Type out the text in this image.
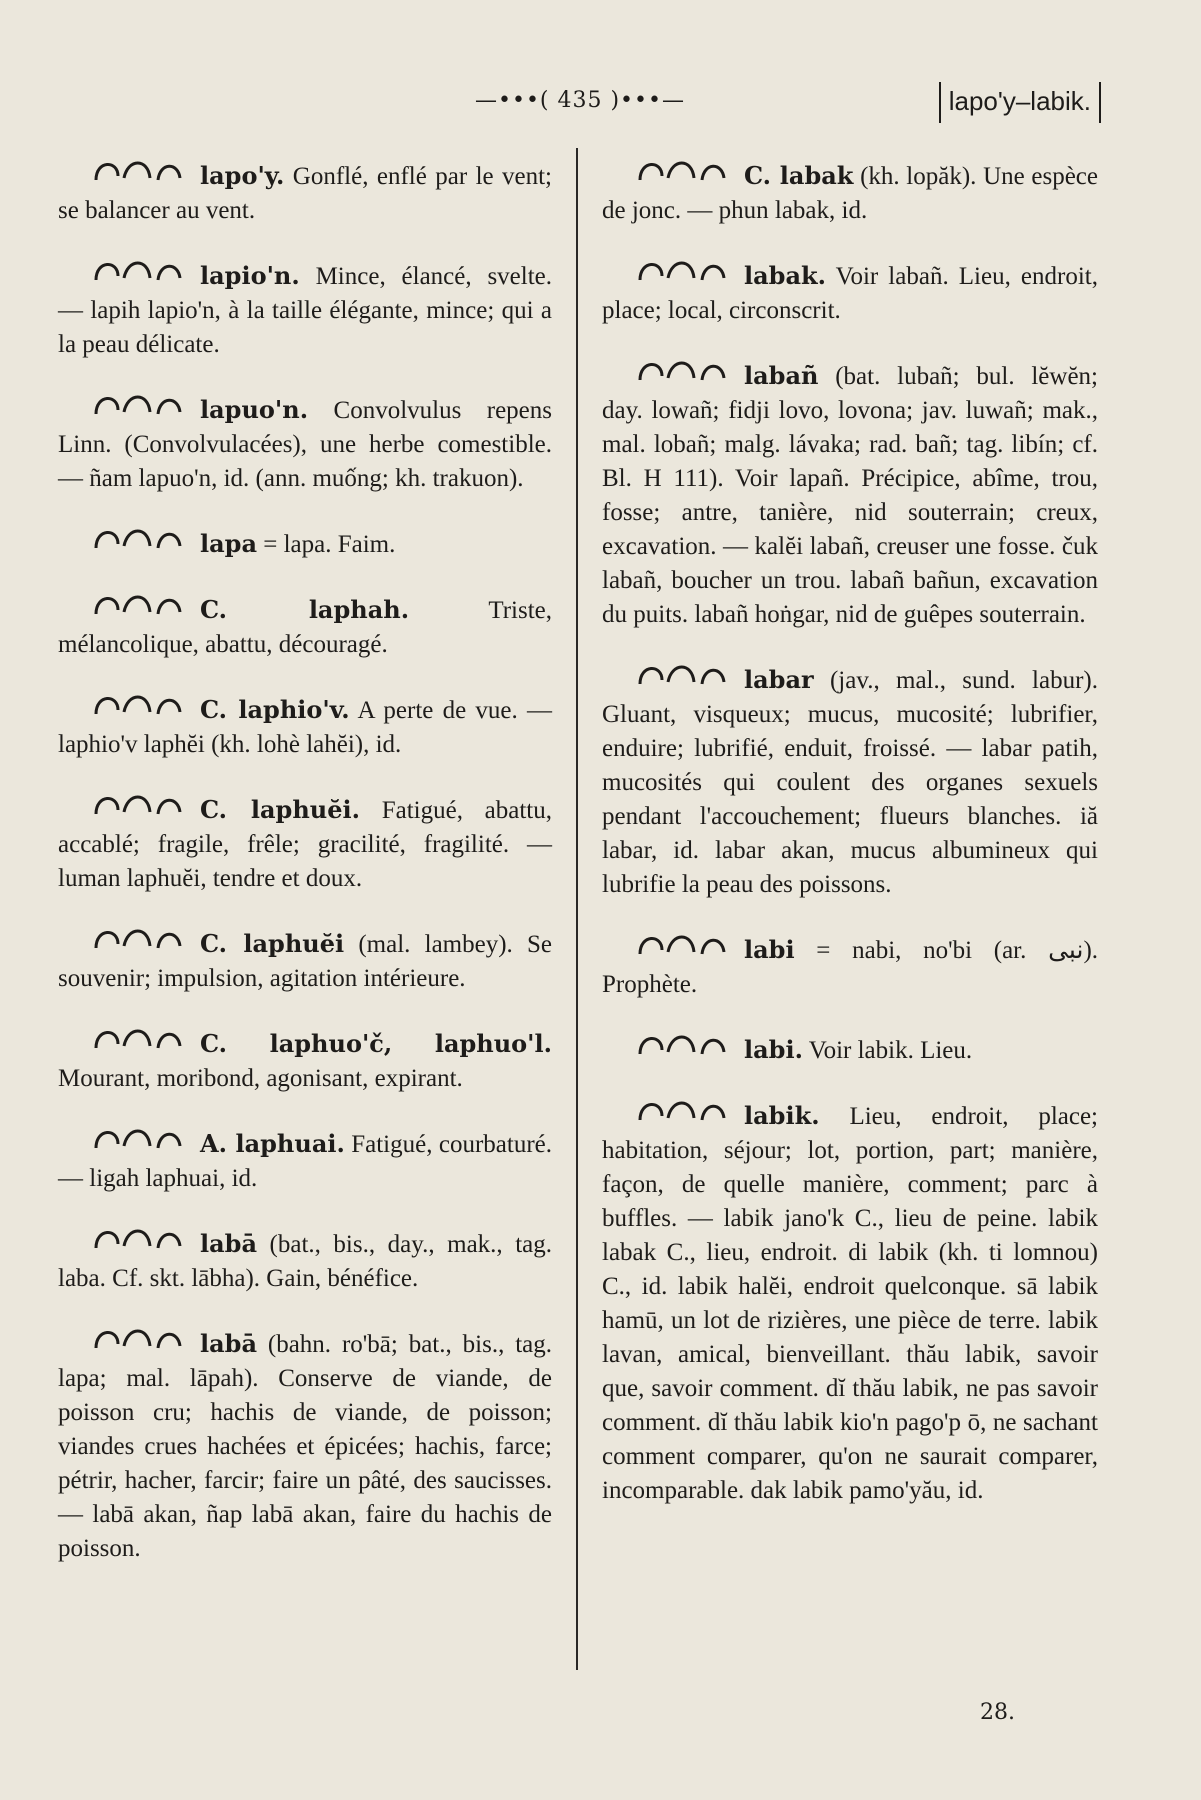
—•••( 435 )•••—	lapo'y–labik.

lapo'y. Gonflé, enflé par le vent; se balancer au vent.

lapio'n. Mince, élancé, svelte. — lapih lapio'n, à la taille élégante, mince; qui a la peau délicate.

lapuo'n. Convolvulus repens Linn. (Convolvulacées), une herbe comestible. — ñam lapuo'n, id. (ann. muống; kh. trakuon).

lapa = lapa. Faim.

C. laphah.	Triste, mélancolique, abattu, découragé.

C. laphio'v. A perte de vue. — laphio'v laphĕi (kh. lohè lahĕi), id.

C. laphuĕi. Fatigué, abattu, accablé; fragile, frêle; gracilité, fragilité. — luman laphuĕi, tendre et doux.

C. laphuĕi (mal. lambey). Se souvenir; impulsion, agitation intérieure.

C. laphuo'č, laphuo'l. Mourant, moribond, agonisant, expirant.

A. laphuai. Fatigué, courbaturé. — ligah laphuai, id.

labā (bat., bis., day., mak., tag. laba. Cf. skt. lābha). Gain, bénéfice.

labā (bahn. ro'bā; bat., bis., tag. lapa; mal. lāpah). Conserve de viande, de poisson cru; hachis de viande, de poisson; viandes crues hachées et épicées; hachis, farce; pétrir, hacher, farcir; faire un pâté, des saucisses. — labā akan, ñap labā akan, faire du hachis de poisson.

C. labak (kh. lopăk). Une espèce de jonc. — phun labak, id.

labak. Voir labañ. Lieu, endroit, place; local, circonscrit.

labañ (bat. lubañ; bul. lĕwĕn; day. lowañ; fidji lovo, lovona; jav. luwañ; mak., mal. lobañ; malg. lávaka; rad. bañ; tag. libín; cf. Bl. H 111). Voir lapañ. Précipice, abîme, trou, fosse; antre, tanière, nid souterrain; creux, excavation. — kalĕi labañ, creuser une fosse. čuk labañ, boucher un trou. labañ bañun, excavation du puits. labañ hoṅgar, nid de guêpes souterrain.

labar (jav., mal., sund. labur). Gluant, visqueux; mucus, mucosité; lubrifier, enduire; lubrifié, enduit, froissé. — labar patih, mucosités qui coulent des organes sexuels pendant l'accouchement; flueurs blanches. iă labar, id. labar akan, mucus albumineux qui lubrifie la peau des poissons.

labi = nabi, no'bi (ar. نبى). Prophète.

labi. Voir labik. Lieu.

labik. Lieu, endroit, place; habitation, séjour; lot, portion, part; manière, façon, de quelle manière, comment; parc à buffles. — labik jano'k C., lieu de peine. labik labak C., lieu, endroit. di labik (kh. ti lomnou) C., id. labik halĕi, endroit quelconque. sā labik hamū, un lot de rizières, une pièce de terre. labik lavan, amical, bienveillant. thău labik, savoir que, savoir comment. dĭ thău labik, ne pas savoir comment. dĭ thău labik kio'n pago'p ō, ne sachant comment comparer, qu'on ne saurait comparer, incomparable. dak labik pamo'yău, id.

28.
